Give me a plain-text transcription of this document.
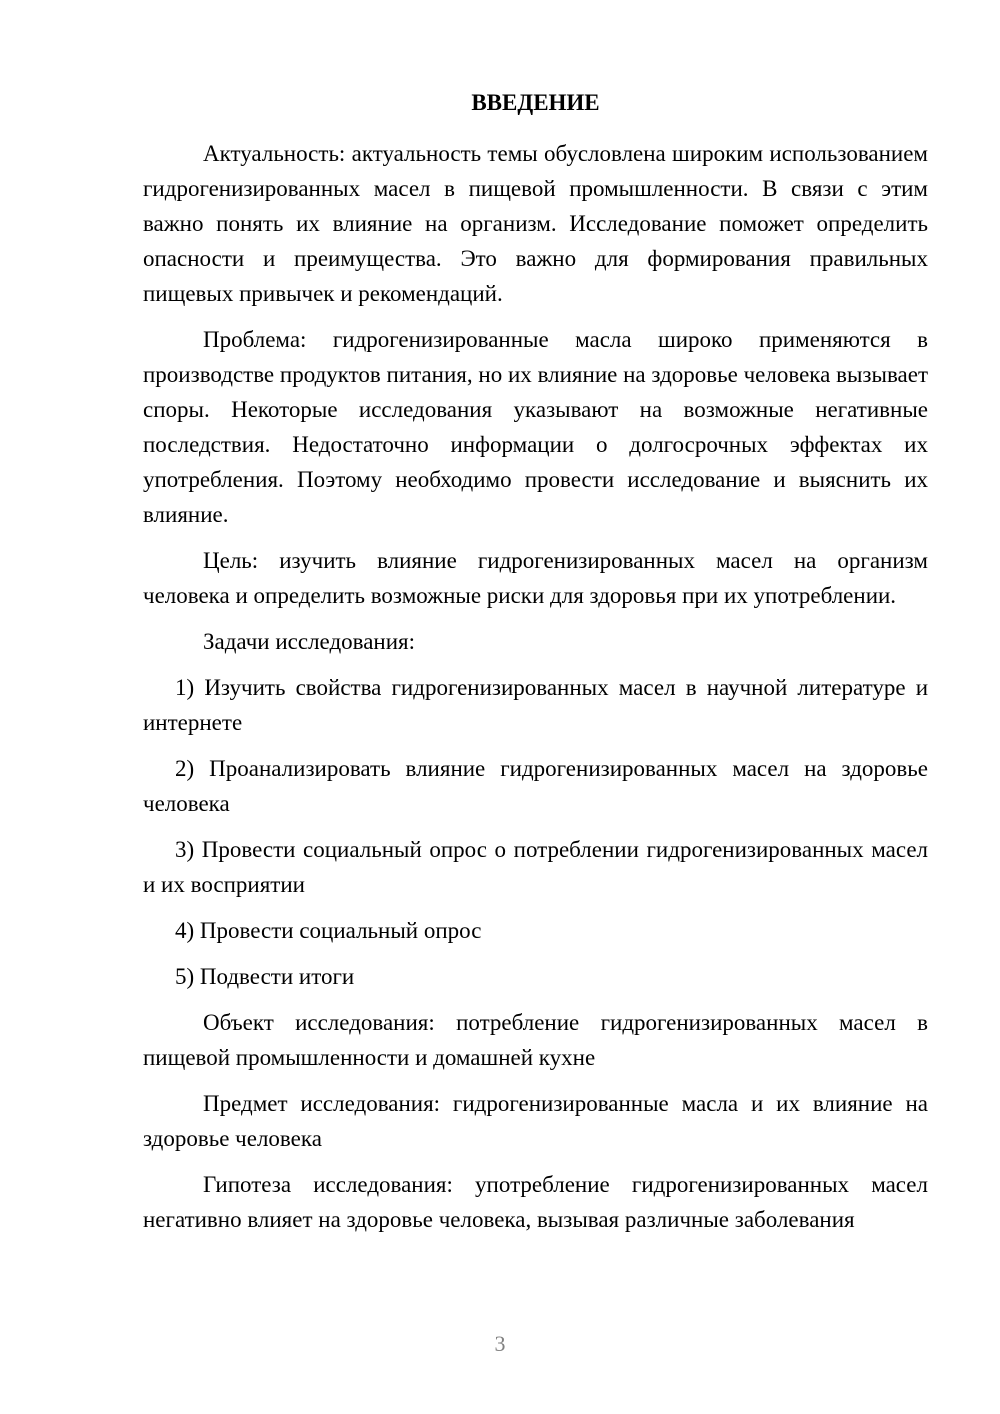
ВВЕДЕНИЕ

Актуальность: актуальность темы обусловлена широким использованием гидрогенизированных масел в пищевой промышленности. В связи с этим важно понять их влияние на организм. Исследование поможет определить опасности и преимущества. Это важно для формирования правильных пищевых привычек и рекомендаций.

Проблема: гидрогенизированные масла широко применяются в производстве продуктов питания, но их влияние на здоровье человека вызывает споры. Некоторые исследования указывают на возможные негативные последствия. Недостаточно информации о долгосрочных эффектах их употребления. Поэтому необходимо провести исследование и выяснить их влияние.

Цель: изучить влияние гидрогенизированных масел на организм человека и определить возможные риски для здоровья при их употреблении.

Задачи исследования:

1) Изучить свойства гидрогенизированных масел в научной литературе и интернете

2) Проанализировать влияние гидрогенизированных масел на здоровье человека

3) Провести социальный опрос о потреблении гидрогенизированных масел и их восприятии

4) Провести социальный опрос

5) Подвести итоги

Объект исследования: потребление гидрогенизированных масел в пищевой промышленности и домашней кухне

Предмет исследования: гидрогенизированные масла и их влияние на здоровье человека

Гипотеза исследования: употребление гидрогенизированных масел негативно влияет на здоровье человека, вызывая различные заболевания

3
